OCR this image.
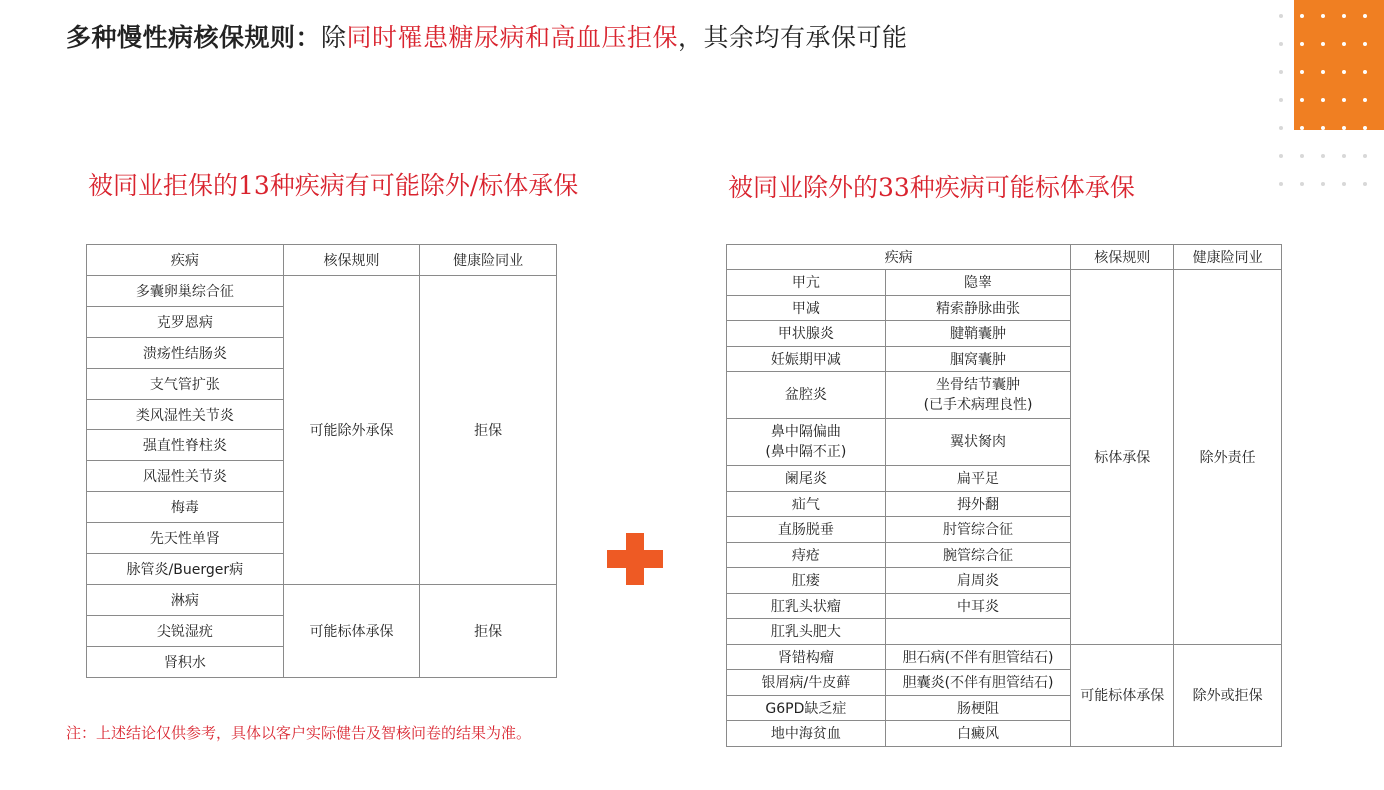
多种慢性病核保规则：除同时罹患糖尿病和高血压拒保，其余均有承保可能
被同业拒保的13种疾病有可能除外/标体承保	被同业除外的33种疾病可能标体承保
疾病	核保规则	健康险同业
多囊卵巢综合征	可能除外承保	拒保
克罗恩病		
溃疡性结肠炎		
支气管扩张		
类风湿性关节炎		
强直性脊柱炎		
风湿性关节炎		
梅毒		
先天性单肾		
脉管炎/Buerger病		
淋病	可能标体承保	拒保
尖锐湿疣		
肾积水		
疾病		核保规则	健康险同业
甲亢	隐睾	标体承保	除外责任
甲减	精索静脉曲张		
甲状腺炎	腱鞘囊肿		
妊娠期甲减	腘窝囊肿		
盆腔炎	坐骨结节囊肿
(已手术病理良性)		
鼻中隔偏曲
(鼻中隔不正)	翼状胬肉		
阑尾炎	扁平足		
疝气	拇外翻		
直肠脱垂	肘管综合征		
痔疮	腕管综合征		
肛瘘	肩周炎		
肛乳头状瘤	中耳炎		
肛乳头肥大			
肾错构瘤	胆石病(不伴有胆管结石)	可能标体承保	除外或拒保
银屑病/牛皮藓	胆囊炎(不伴有胆管结石)		
G6PD缺乏症	肠梗阻		
地中海贫血	白癜风		
注：上述结论仅供参考，具体以客户实际健告及智核问卷的结果为准。
